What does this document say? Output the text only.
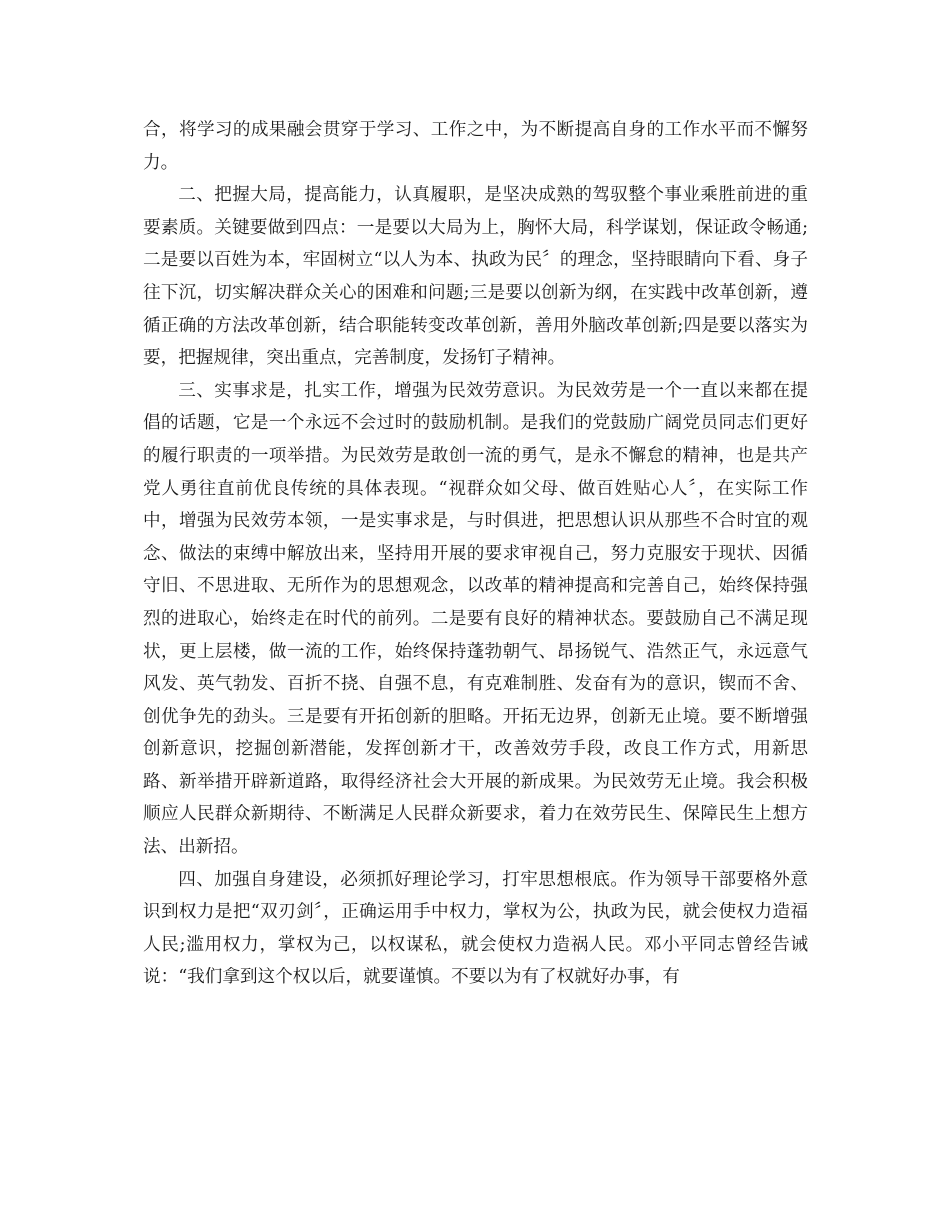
合，将学习的成果融会贯穿于学习、工作之中，为不断提高自身的工作水平而不懈努力。

二、把握大局，提高能力，认真履职，是坚决成熟的驾驭整个事业乘胜前进的重要素质。关键要做到四点：一是要以大局为上，胸怀大局，科学谋划，保证政令畅通;二是要以百姓为本，牢固树立“以人为本、执政为民〞的理念，坚持眼睛向下看、身子往下沉，切实解决群众关心的困难和问题;三是要以创新为纲，在实践中改革创新，遵循正确的方法改革创新，结合职能转变改革创新，善用外脑改革创新;四是要以落实为要，把握规律，突出重点，完善制度，发扬钉子精神。

三、实事求是，扎实工作，增强为民效劳意识。为民效劳是一个一直以来都在提倡的话题，它是一个永远不会过时的鼓励机制。是我们的党鼓励广阔党员同志们更好的履行职责的一项举措。为民效劳是敢创一流的勇气，是永不懈怠的精神，也是共产党人勇往直前优良传统的具体表现。“视群众如父母、做百姓贴心人〞，在实际工作中，增强为民效劳本领，一是实事求是，与时俱进，把思想认识从那些不合时宜的观念、做法的束缚中解放出来，坚持用开展的要求审视自己，努力克服安于现状、因循守旧、不思进取、无所作为的思想观念，以改革的精神提高和完善自己，始终保持强烈的进取心，始终走在时代的前列。二是要有良好的精神状态。要鼓励自己不满足现状，更上层楼，做一流的工作，始终保持蓬勃朝气、昂扬锐气、浩然正气，永远意气风发、英气勃发、百折不挠、自强不息，有克难制胜、发奋有为的意识，锲而不舍、创优争先的劲头。三是要有开拓创新的胆略。开拓无边界，创新无止境。要不断增强创新意识，挖掘创新潜能，发挥创新才干，改善效劳手段，改良工作方式，用新思路、新举措开辟新道路，取得经济社会大开展的新成果。为民效劳无止境。我会积极顺应人民群众新期待、不断满足人民群众新要求，着力在效劳民生、保障民生上想方法、出新招。

四、加强自身建设，必须抓好理论学习，打牢思想根底。作为领导干部要格外意识到权力是把“双刃剑〞，正确运用手中权力，掌权为公，执政为民，就会使权力造福人民;滥用权力，掌权为己，以权谋私，就会使权力造祸人民。邓小平同志曾经告诫说：“我们拿到这个权以后，就要谨慎。不要以为有了权就好办事，有
